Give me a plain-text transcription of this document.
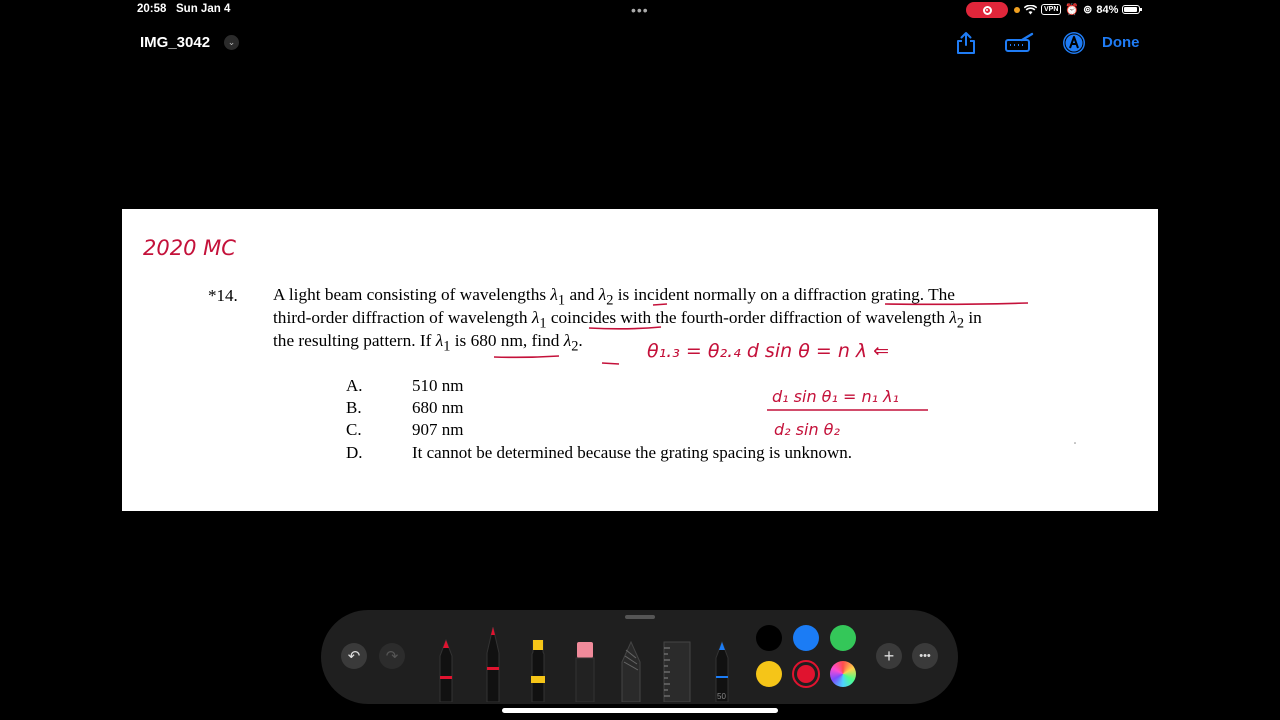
20:58 Sun Jan 4	•••	VPN ⏰ ⊚ 84%
IMG_3042	⌄	Done
*14. A light beam consisting of wavelengths $\lambda_1$ and $\lambda_2$ is incident normally on a diffraction grating. The
third-order diffraction of wavelength $\lambda_1$ coincides with the fourth-order diffraction of wavelength $\lambda_2$ in
the resulting pattern. If $\lambda_1$ is 680 nm, find $\lambda_2$.
A.	510 nm
B.	680 nm
C.	907 nm
D.	It cannot be determined because the grating spacing is unknown.
2020 MC
θ₁.₃ = θ₂.₄ d sin θ = n λ ⇐
d₁ sin θ₁ = n₁ λ₁
d₂ sin θ₂
↶	↷
50
+	•••
